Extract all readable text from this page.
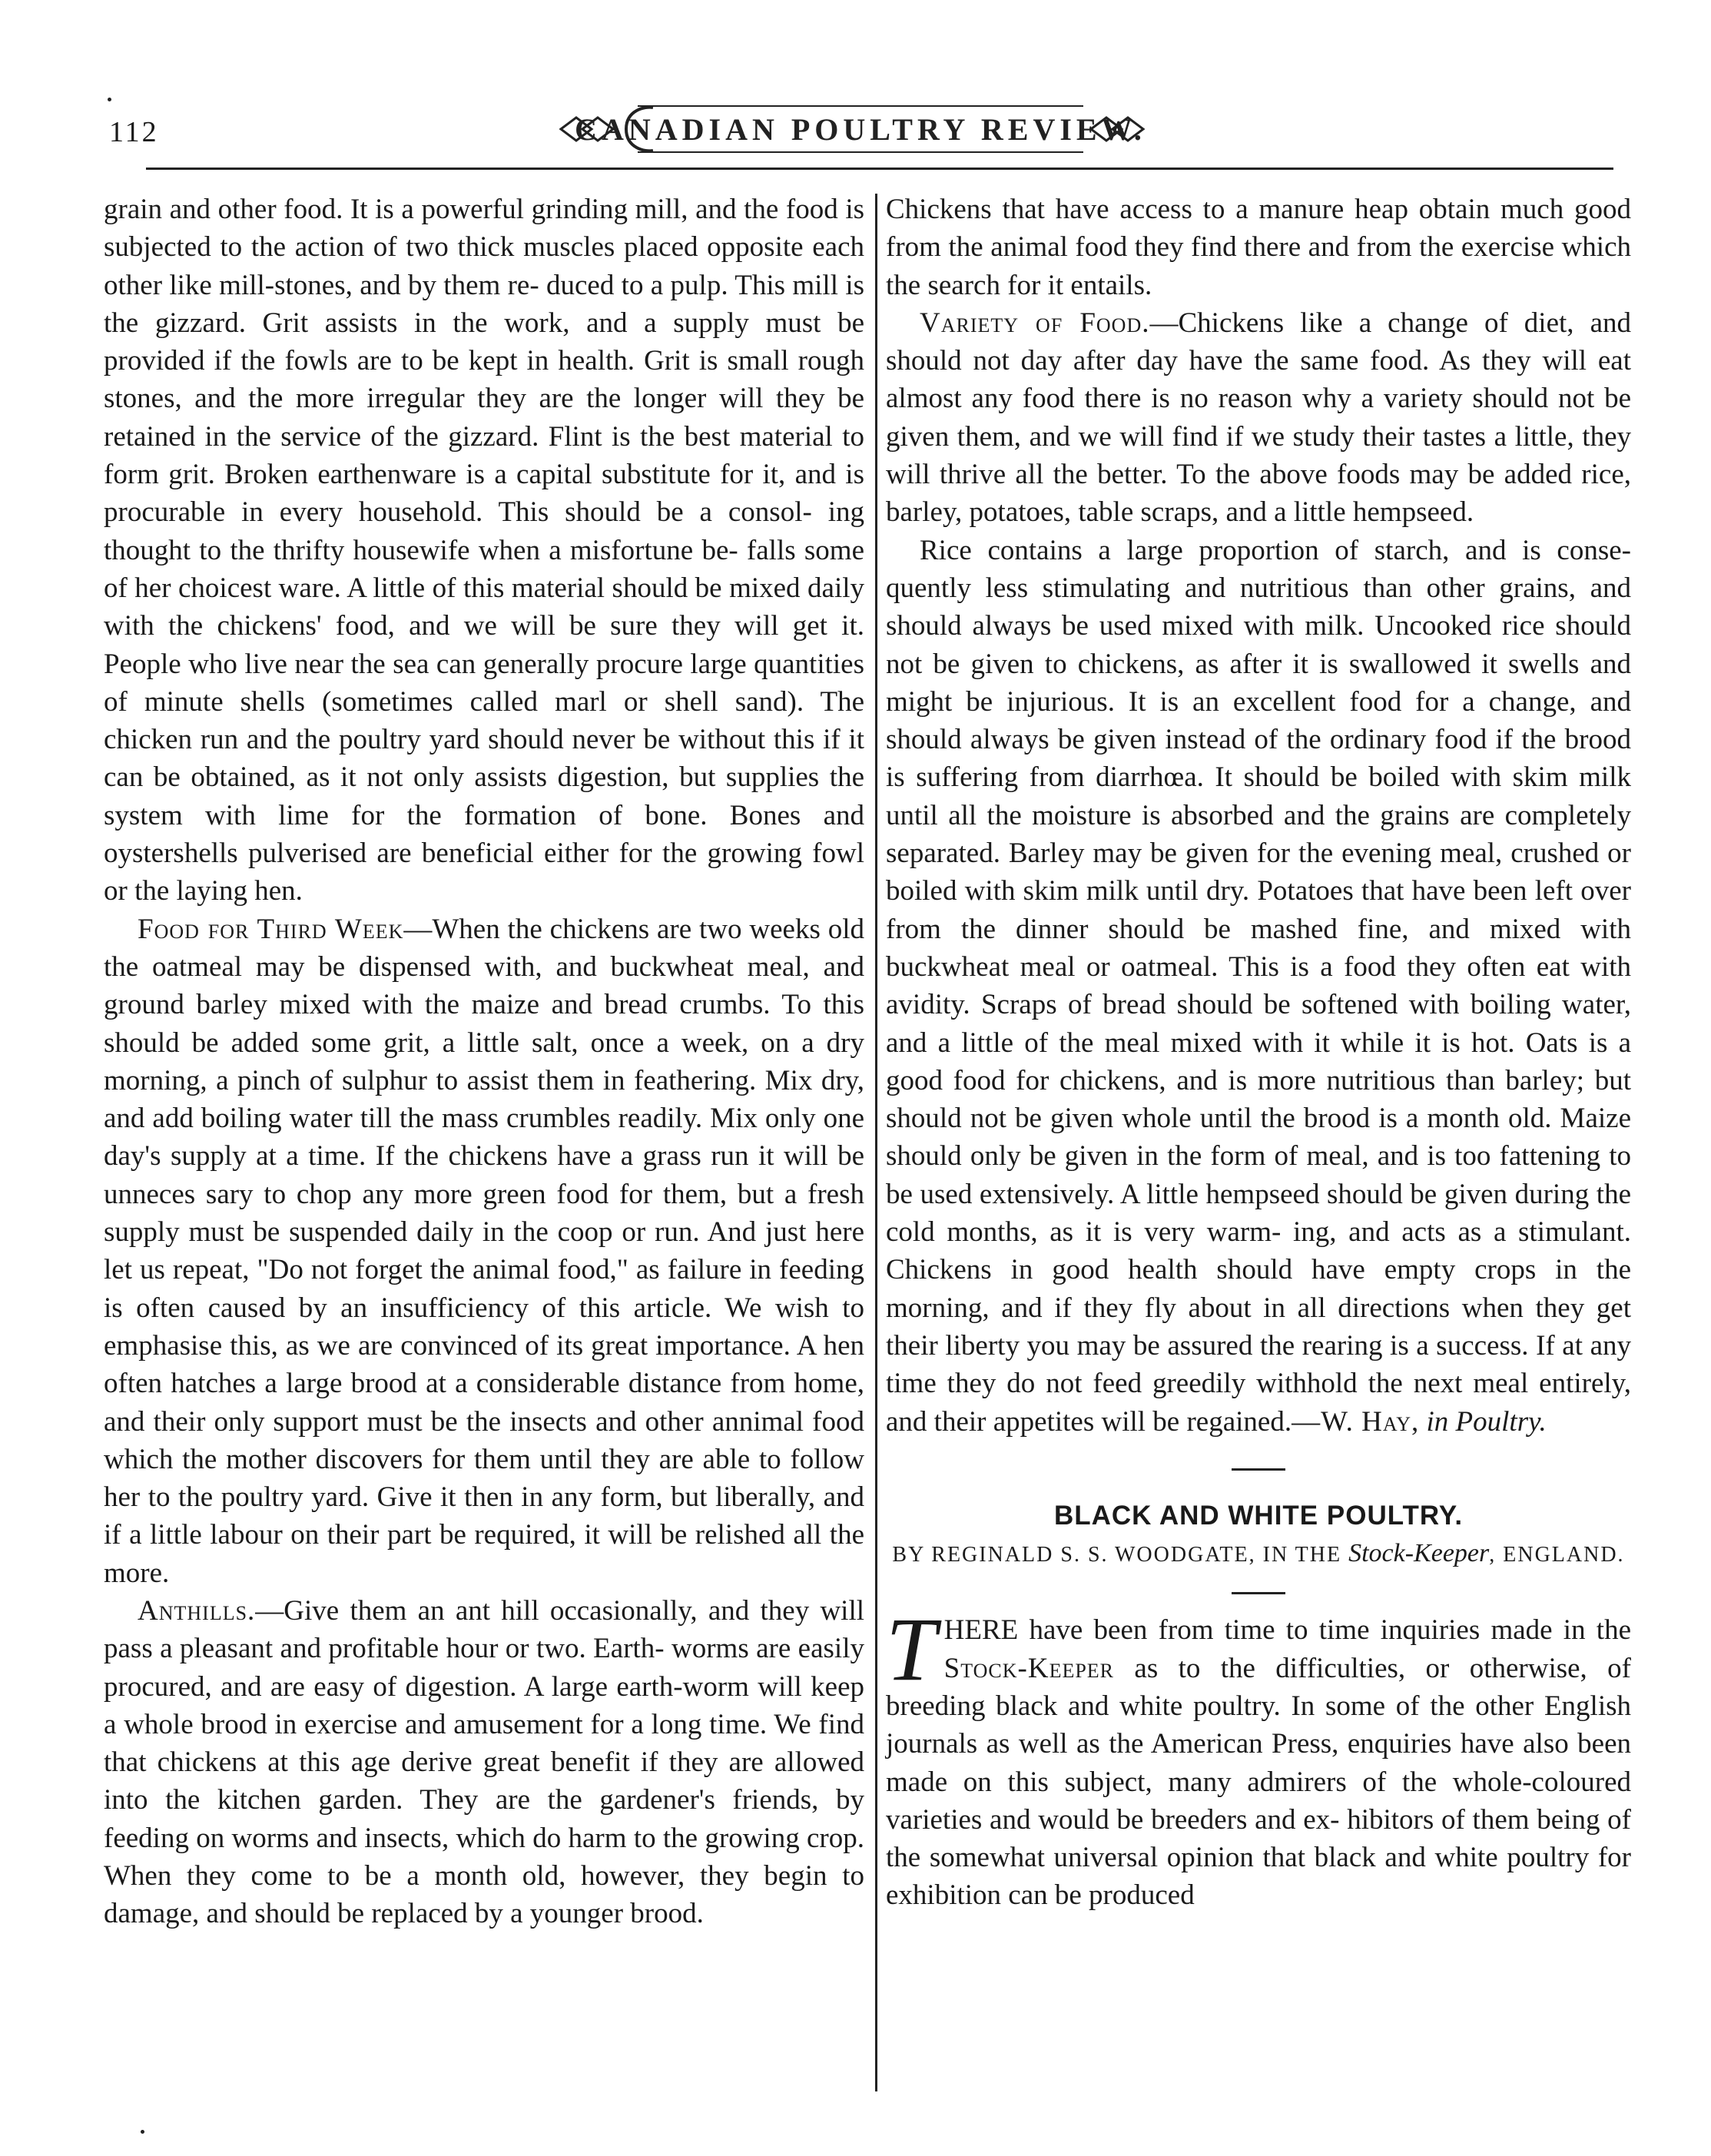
112	CANADIAN POULTRY REVIEW.

grain and other food. It is a powerful grinding mill, and the food is subjected to the action of two thick muscles placed opposite each other like mill-stones, and by them re- duced to a pulp. This mill is the gizzard. Grit assists in the work, and a supply must be provided if the fowls are to be kept in health. Grit is small rough stones, and the more irregular they are the longer will they be retained in the service of the gizzard. Flint is the best material to form grit. Broken earthenware is a capital substitute for it, and is procurable in every household. This should be a consol- ing thought to the thrifty housewife when a misfortune be- falls some of her choicest ware. A little of this material should be mixed daily with the chickens' food, and we will be sure they will get it. People who live near the sea can generally procure large quantities of minute shells (sometimes called marl or shell sand). The chicken run and the poultry yard should never be without this if it can be obtained, as it not only assists digestion, but supplies the system with lime for the formation of bone. Bones and oystershells pulverised are beneficial either for the growing fowl or the laying hen.

Food for Third Week—When the chickens are two weeks old the oatmeal may be dispensed with, and buckwheat meal, and ground barley mixed with the maize and bread crumbs. To this should be added some grit, a little salt, once a week, on a dry morning, a pinch of sulphur to assist them in feathering. Mix dry, and add boiling water till the mass crumbles readily. Mix only one day's supply at a time. If the chickens have a grass run it will be unneces sary to chop any more green food for them, but a fresh supply must be suspended daily in the coop or run. And just here let us repeat, "Do not forget the animal food," as failure in feeding is often caused by an insufficiency of this article. We wish to emphasise this, as we are convinced of its great importance. A hen often hatches a large brood at a considerable distance from home, and their only support must be the insects and other annimal food which the mother discovers for them until they are able to follow her to the poultry yard. Give it then in any form, but liberally, and if a little labour on their part be required, it will be relished all the more.

Anthills.—Give them an ant hill occasionally, and they will pass a pleasant and profitable hour or two. Earth- worms are easily procured, and are easy of digestion. A large earth-worm will keep a whole brood in exercise and amusement for a long time. We find that chickens at this age derive great benefit if they are allowed into the kitchen garden. They are the gardener's friends, by feeding on worms and insects, which do harm to the growing crop. When they come to be a month old, however, they begin to damage, and should be replaced by a younger brood.

Chickens that have access to a manure heap obtain much good from the animal food they find there and from the exercise which the search for it entails.

Variety of Food.—Chickens like a change of diet, and should not day after day have the same food. As they will eat almost any food there is no reason why a variety should not be given them, and we will find if we study their tastes a little, they will thrive all the better. To the above foods may be added rice, barley, potatoes, table scraps, and a little hempseed.

Rice contains a large proportion of starch, and is conse- quently less stimulating and nutritious than other grains, and should always be used mixed with milk. Uncooked rice should not be given to chickens, as after it is swallowed it swells and might be injurious. It is an excellent food for a change, and should always be given instead of the ordinary food if the brood is suffering from diarrhœa. It should be boiled with skim milk until all the moisture is absorbed and the grains are completely separated. Barley may be given for the evening meal, crushed or boiled with skim milk until dry. Potatoes that have been left over from the dinner should be mashed fine, and mixed with buckwheat meal or oatmeal. This is a food they often eat with avidity. Scraps of bread should be softened with boiling water, and a little of the meal mixed with it while it is hot. Oats is a good food for chickens, and is more nutritious than barley; but should not be given whole until the brood is a month old. Maize should only be given in the form of meal, and is too fattening to be used extensively. A little hempseed should be given during the cold months, as it is very warm- ing, and acts as a stimulant. Chickens in good health should have empty crops in the morning, and if they fly about in all directions when they get their liberty you may be assured the rearing is a success. If at any time they do not feed greedily withhold the next meal entirely, and their appetites will be regained.—W. Hay, in Poultry.

BLACK AND WHITE POULTRY.

BY REGINALD S. S. WOODGATE, IN THE Stock-Keeper, ENGLAND.

THERE have been from time to time inquiries made in the Stock-Keeper as to the difficulties, or otherwise, of breeding black and white poultry. In some of the other English journals as well as the American Press, enquiries have also been made on this subject, many admirers of the whole-coloured varieties and would be breeders and ex- hibitors of them being of the somewhat universal opinion that black and white poultry for exhibition can be produced
